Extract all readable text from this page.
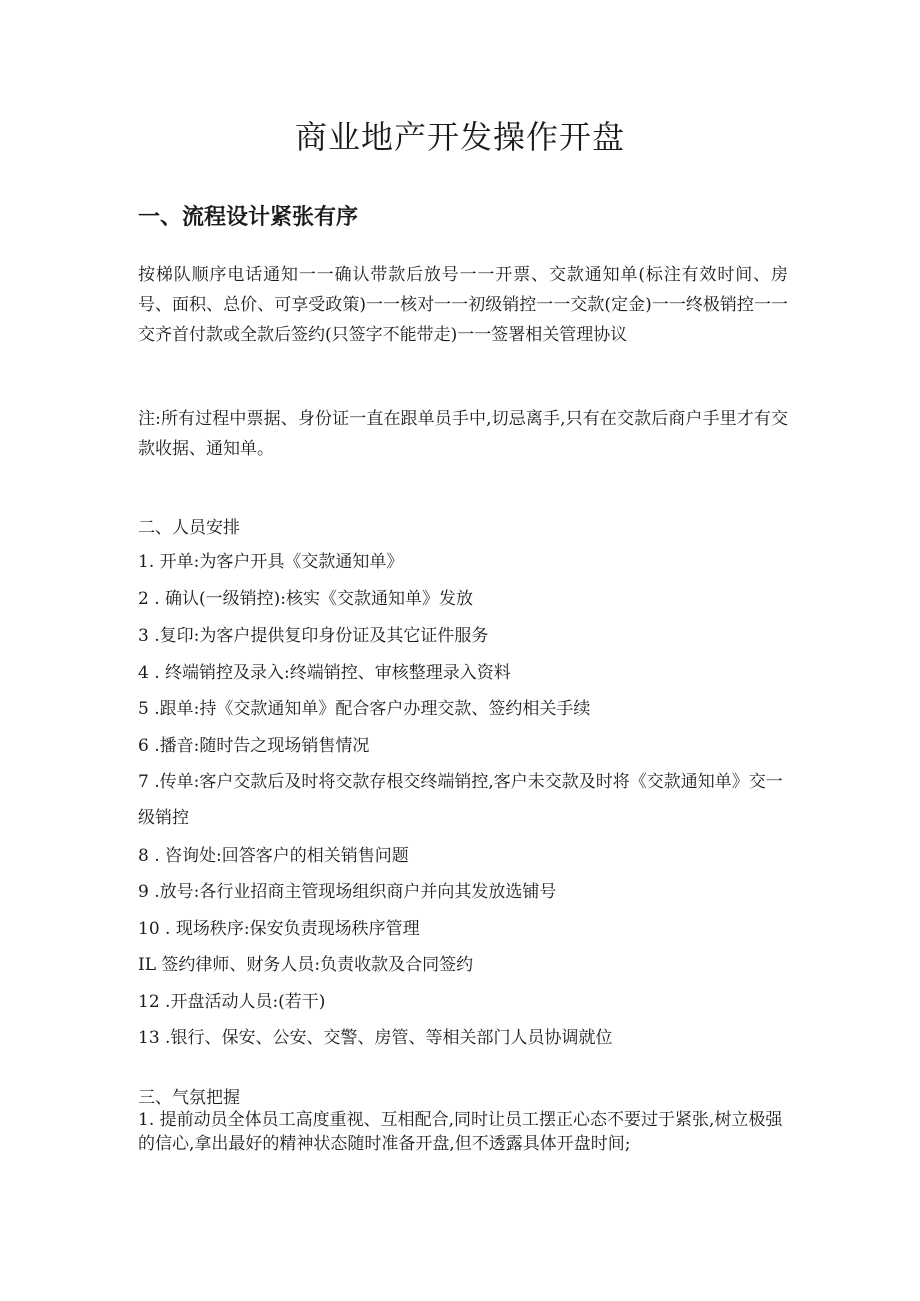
商业地产开发操作开盘
一、流程设计紧张有序

按梯队顺序电话通知一一确认带款后放号一一开票、交款通知单(标注有效时间、房号、面积、总价、可享受政策)一一核对一一初级销控一一交款(定金)一一终极销控一一交齐首付款或全款后签约(只签字不能带走)一一签署相关管理协议

注:所有过程中票据、身份证一直在跟单员手中,切忌离手,只有在交款后商户手里才有交款收据、通知单。

二、人员安排

1. 开单:为客户开具《交款通知单》

2 . 确认(一级销控):核实《交款通知单》发放

3 .复印:为客户提供复印身份证及其它证件服务

4 . 终端销控及录入:终端销控、审核整理录入资料

5 .跟单:持《交款通知单》配合客户办理交款、签约相关手续

6 .播音:随时告之现场销售情况

7 .传单:客户交款后及时将交款存根交终端销控,客户未交款及时将《交款通知单》交一级销控

8 . 咨询处:回答客户的相关销售问题

9 .放号:各行业招商主管现场组织商户并向其发放选铺号

10 . 现场秩序:保安负责现场秩序管理

IL 签约律师、财务人员:负责收款及合同签约

12 .开盘活动人员:(若干)

13 .银行、保安、公安、交警、房管、等相关部门人员协调就位

三、气氛把握

1. 提前动员全体员工高度重视、互相配合,同时让员工摆正心态不要过于紧张,树立极强的信心,拿出最好的精神状态随时准备开盘,但不透露具体开盘时间;
